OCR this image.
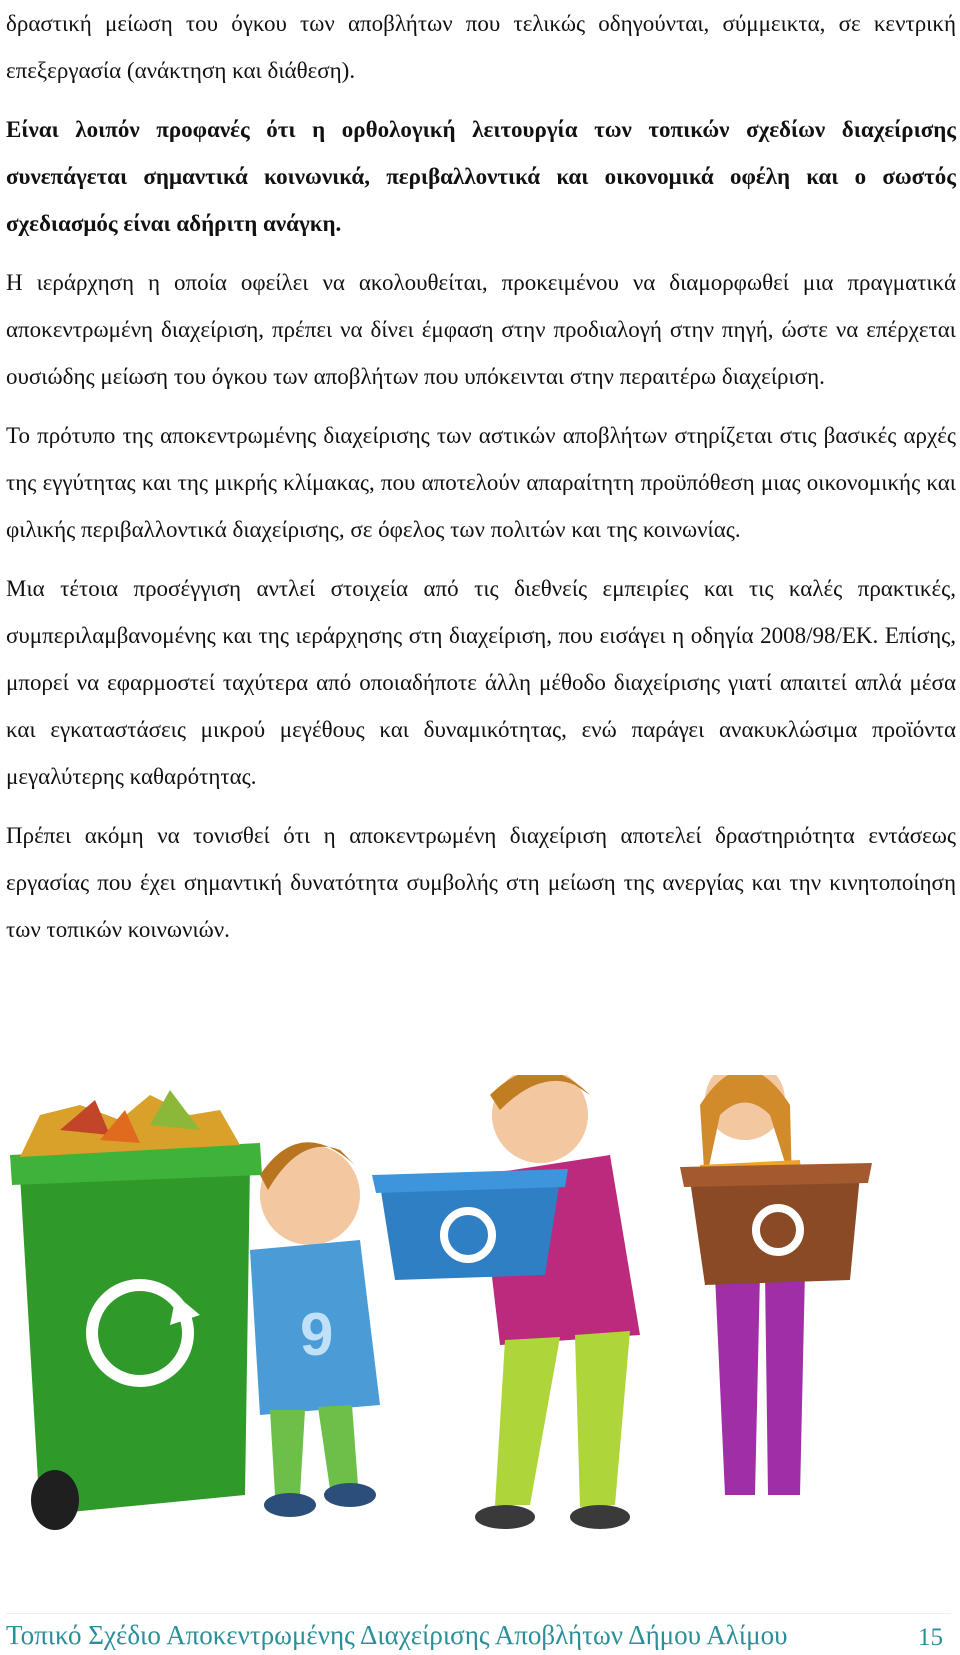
δραστική μείωση του όγκου των αποβλήτων που τελικώς οδηγούνται, σύμμεικτα, σε κεντρική επεξεργασία (ανάκτηση και διάθεση).

Είναι λοιπόν προφανές ότι η ορθολογική λειτουργία των τοπικών σχεδίων διαχείρισης συνεπάγεται σημαντικά κοινωνικά, περιβαλλοντικά και οικονομικά οφέλη και ο σωστός σχεδιασμός είναι αδήριτη ανάγκη.

Η ιεράρχηση η οποία οφείλει να ακολουθείται, προκειμένου να διαμορφωθεί μια πραγματικά αποκεντρωμένη διαχείριση, πρέπει να δίνει έμφαση στην προδιαλογή στην πηγή, ώστε να επέρχεται ουσιώδης μείωση του όγκου των αποβλήτων που υπόκεινται στην περαιτέρω διαχείριση.

Το πρότυπο της αποκεντρωμένης διαχείρισης των αστικών αποβλήτων στηρίζεται στις βασικές αρχές της εγγύτητας και της μικρής κλίμακας, που αποτελούν απαραίτητη προϋπόθεση μιας οικονομικής και φιλικής περιβαλλοντικά διαχείρισης, σε όφελος των πολιτών και της κοινωνίας.

Μια τέτοια προσέγγιση αντλεί στοιχεία από τις διεθνείς εμπειρίες και τις καλές πρακτικές, συμπεριλαμβανομένης και της ιεράρχησης στη διαχείριση, που εισάγει η οδηγία 2008/98/ΕΚ. Επίσης, μπορεί να εφαρμοστεί ταχύτερα από οποιαδήποτε άλλη μέθοδο διαχείρισης γιατί απαιτεί απλά μέσα και εγκαταστάσεις μικρού μεγέθους και δυναμικότητας, ενώ παράγει ανακυκλώσιμα προϊόντα μεγαλύτερης καθαρότητας.

Πρέπει ακόμη να τονισθεί ότι η αποκεντρωμένη διαχείριση αποτελεί δραστηριότητα εντάσεως εργασίας που έχει σημαντική δυνατότητα συμβολής στη μείωση της ανεργίας και την κινητοποίηση των τοπικών κοινωνιών.

9
Τοπικό Σχέδιο Αποκεντρωμένης Διαχείρισης Αποβλήτων Δήμου Αλίμου	15
